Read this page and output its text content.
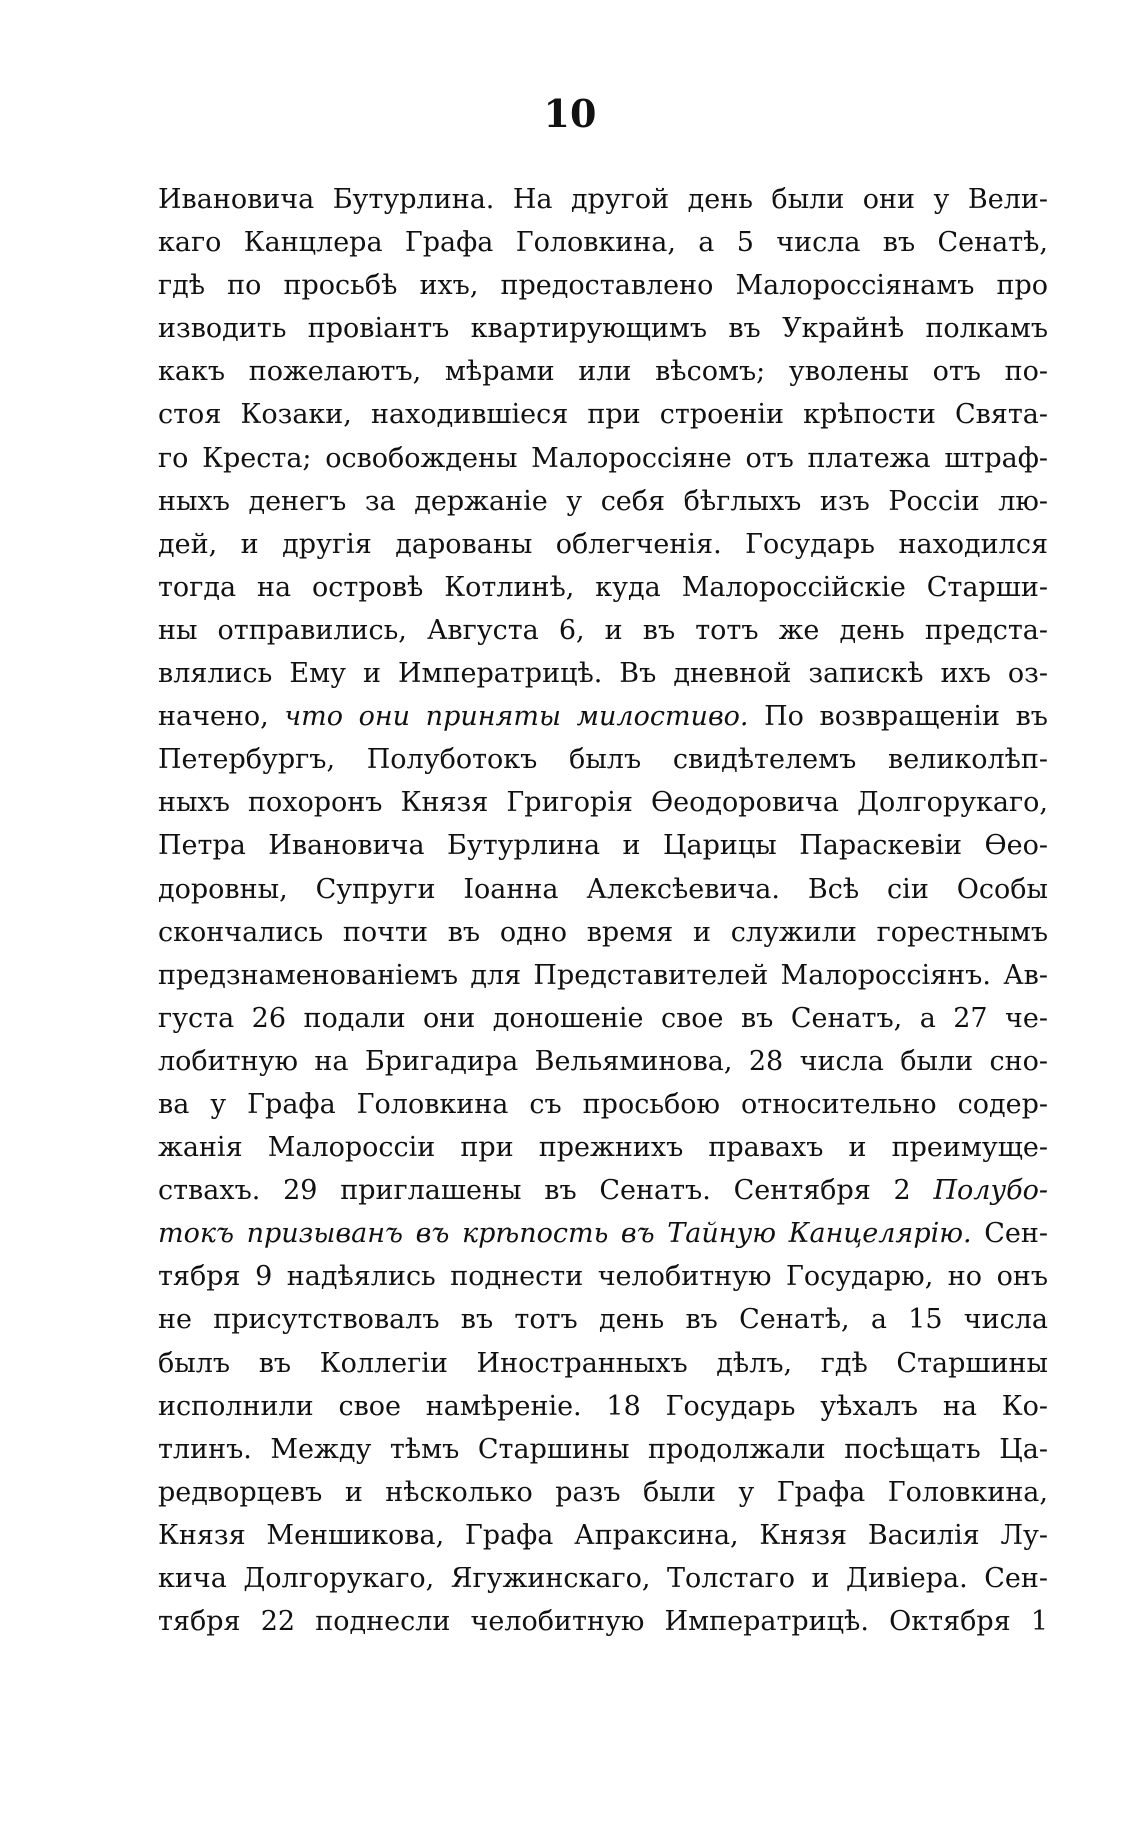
10
Ивановича Бутурлина. На другой день были они у Вели-
каго Канцлера Графа Головкина, а 5 числа въ Сенатѣ,
гдѣ по просьбѣ ихъ, предоставлено Малороссіянамъ про
изводить провіантъ квартирующимъ въ Украйнѣ полкамъ
какъ пожелаютъ, мѣрами или вѣсомъ; уволены отъ по-
стоя Козаки, находившіеся при строеніи крѣпости Свята-
го Креста; освобождены Малороссіяне отъ платежа штраф-
ныхъ денегъ за держаніе у себя бѣглыхъ изъ Россіи лю-
дей, и другія дарованы облегченія. Государь находился
тогда на островѣ Котлинѣ, куда Малороссійскіе Старши-
ны отправились, Августа 6, и въ тотъ же день предста-
влялись Ему и Императрицѣ. Въ дневной запискѣ ихъ оз-
начено, что они приняты милостиво. По возвращеніи въ
Петербургъ, Полуботокъ былъ свидѣтелемъ великолѣп-
ныхъ похоронъ Князя Григорія Ѳеодоровича Долгорукаго,
Петра Ивановича Бутурлина и Царицы Параскевіи Ѳео-
доровны, Супруги Іоанна Алексѣевича. Всѣ сіи Особы
скончались почти въ одно время и служили горестнымъ
предзнаменованіемъ для Представителей Малороссіянъ. Ав-
густа 26 подали они доношеніе свое въ Сенатъ, а 27 че-
лобитную на Бригадира Вельяминова, 28 числа были сно-
ва у Графа Головкина съ просьбою относительно содер-
жанія Малороссіи при прежнихъ правахъ и преимуще-
ствахъ. 29 приглашены въ Сенатъ. Сентября 2 Полубо-
токъ призыванъ въ крѣпость въ Тайную Канцелярію. Сен-
тября 9 надѣялись поднести челобитную Государю, но онъ
не присутствовалъ въ тотъ день въ Сенатѣ, а 15 числа
былъ въ Коллегіи Иностранныхъ дѣлъ, гдѣ Старшины
исполнили свое намѣреніе. 18 Государь уѣхалъ на Ко-
тлинъ. Между тѣмъ Старшины продолжали посѣщать Ца-
редворцевъ и нѣсколько разъ были у Графа Головкина,
Князя Меншикова, Графа Апраксина, Князя Василія Лу-
кича Долгорукаго, Ягужинскаго, Толстаго и Дивіера. Сен-
тября 22 поднесли челобитную Императрицѣ. Октября 1
